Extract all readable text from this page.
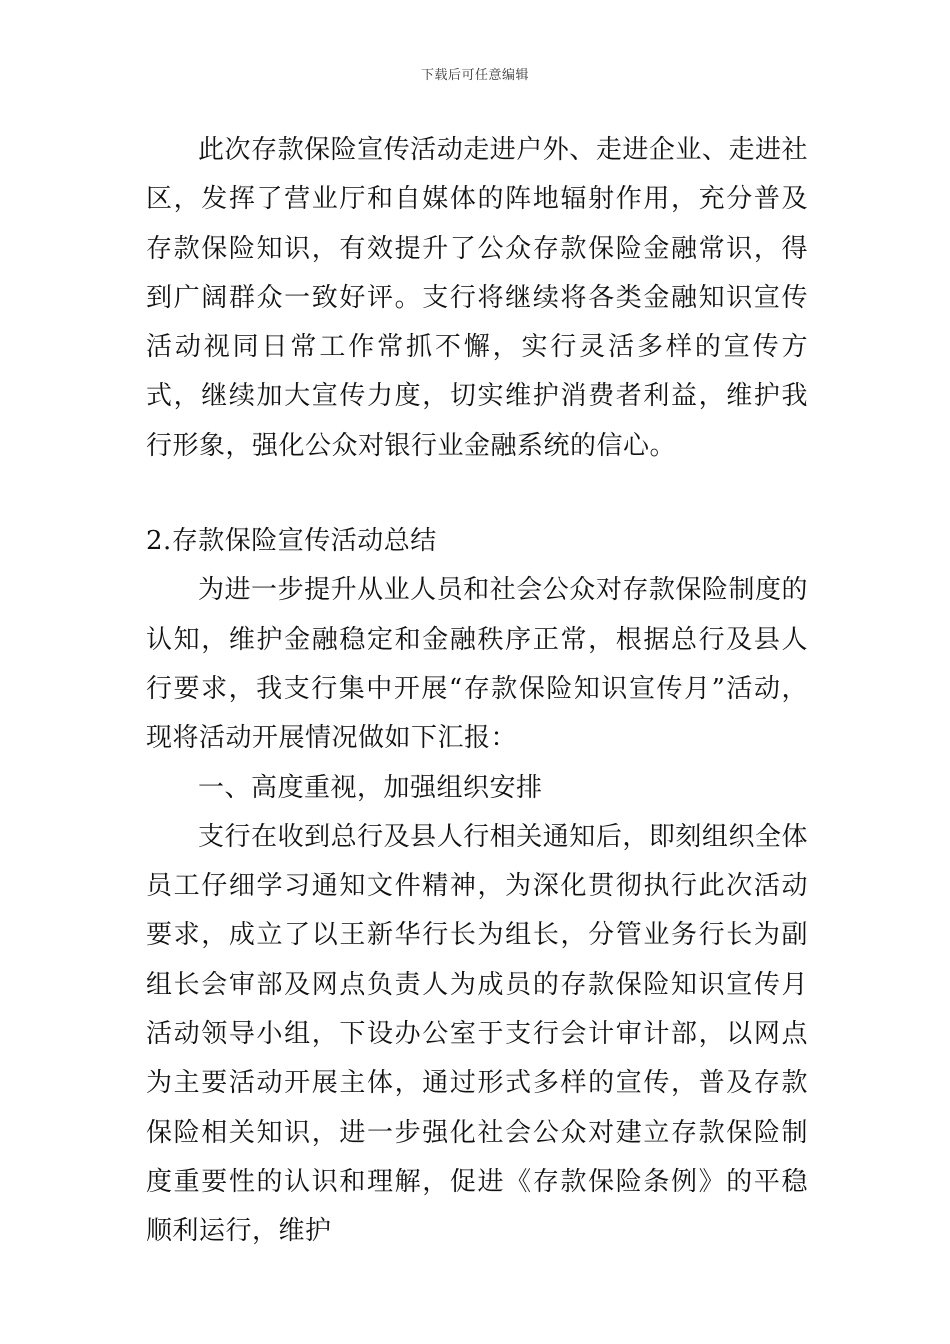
下载后可任意编辑

此次存款保险宣传活动走进户外、走进企业、走进社区，发挥了营业厅和自媒体的阵地辐射作用，充分普及存款保险知识，有效提升了公众存款保险金融常识，得到广阔群众一致好评。支行将继续将各类金融知识宣传活动视同日常工作常抓不懈，实行灵活多样的宣传方式，继续加大宣传力度，切实维护消费者利益，维护我行形象，强化公众对银行业金融系统的信心。

2.存款保险宣传活动总结

为进一步提升从业人员和社会公众对存款保险制度的认知，维护金融稳定和金融秩序正常，根据总行及县人行要求，我支行集中开展“存款保险知识宣传月”活动，现将活动开展情况做如下汇报：

一、高度重视，加强组织安排

支行在收到总行及县人行相关通知后，即刻组织全体员工仔细学习通知文件精神，为深化贯彻执行此次活动要求，成立了以王新华行长为组长，分管业务行长为副组长会审部及网点负责人为成员的存款保险知识宣传月活动领导小组，下设办公室于支行会计审计部，以网点为主要活动开展主体，通过形式多样的宣传，普及存款保险相关知识，进一步强化社会公众对建立存款保险制度重要性的认识和理解，促进《存款保险条例》的平稳顺利运行，维护
